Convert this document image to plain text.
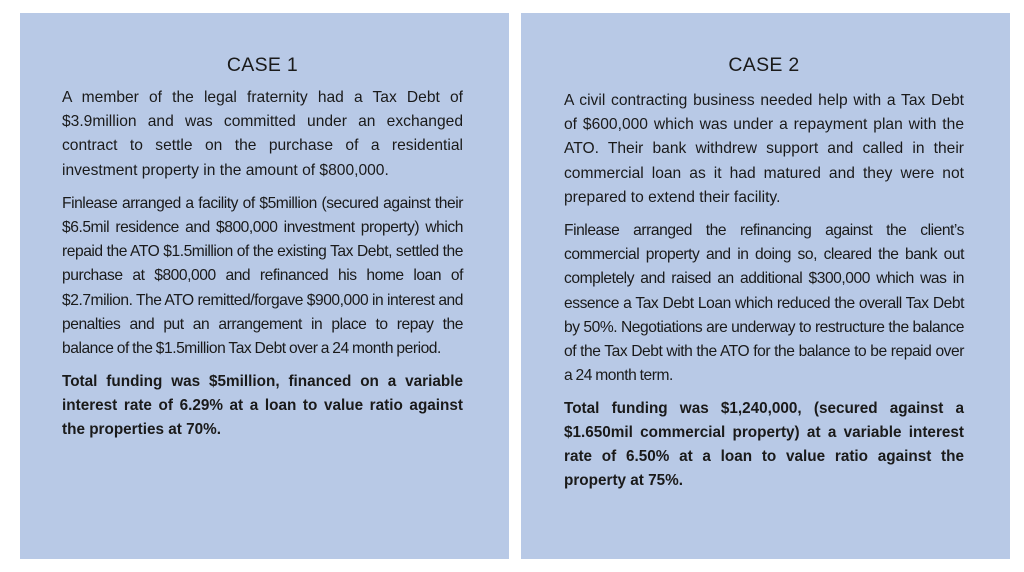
CASE 1

A member of the legal fraternity had a Tax Debt of $3.9million and was committed under an exchanged contract to settle on the purchase of a residential investment property in the amount of $800,000.

Finlease arranged a facility of $5million (secured against their $6.5mil residence and $800,000 investment property) which repaid the ATO $1.5million of the existing Tax Debt, settled the purchase at $800,000 and refinanced his home loan of $2.7milion. The ATO remitted/forgave $900,000 in interest and penalties and put an arrangement in place to repay the balance of the $1.5million Tax Debt over a 24 month period.

Total funding was $5million, financed on a variable interest rate of 6.29% at a loan to value ratio against the properties at 70%.

CASE 2

A civil contracting business needed help with a Tax Debt of $600,000 which was under a repayment plan with the ATO. Their bank withdrew support and called in their commercial loan as it had matured and they were not prepared to extend their facility.

Finlease arranged the refinancing against the client’s commercial property and in doing so, cleared the bank out completely and raised an additional $300,000 which was in essence a Tax Debt Loan which reduced the overall Tax Debt by 50%. Negotiations are underway to restructure the balance of the Tax Debt with the ATO for the balance to be repaid over a 24 month term.

Total funding was $1,240,000, (secured against a $1.650mil commercial property) at a variable interest rate of 6.50% at a loan to value ratio against the property at 75%.
